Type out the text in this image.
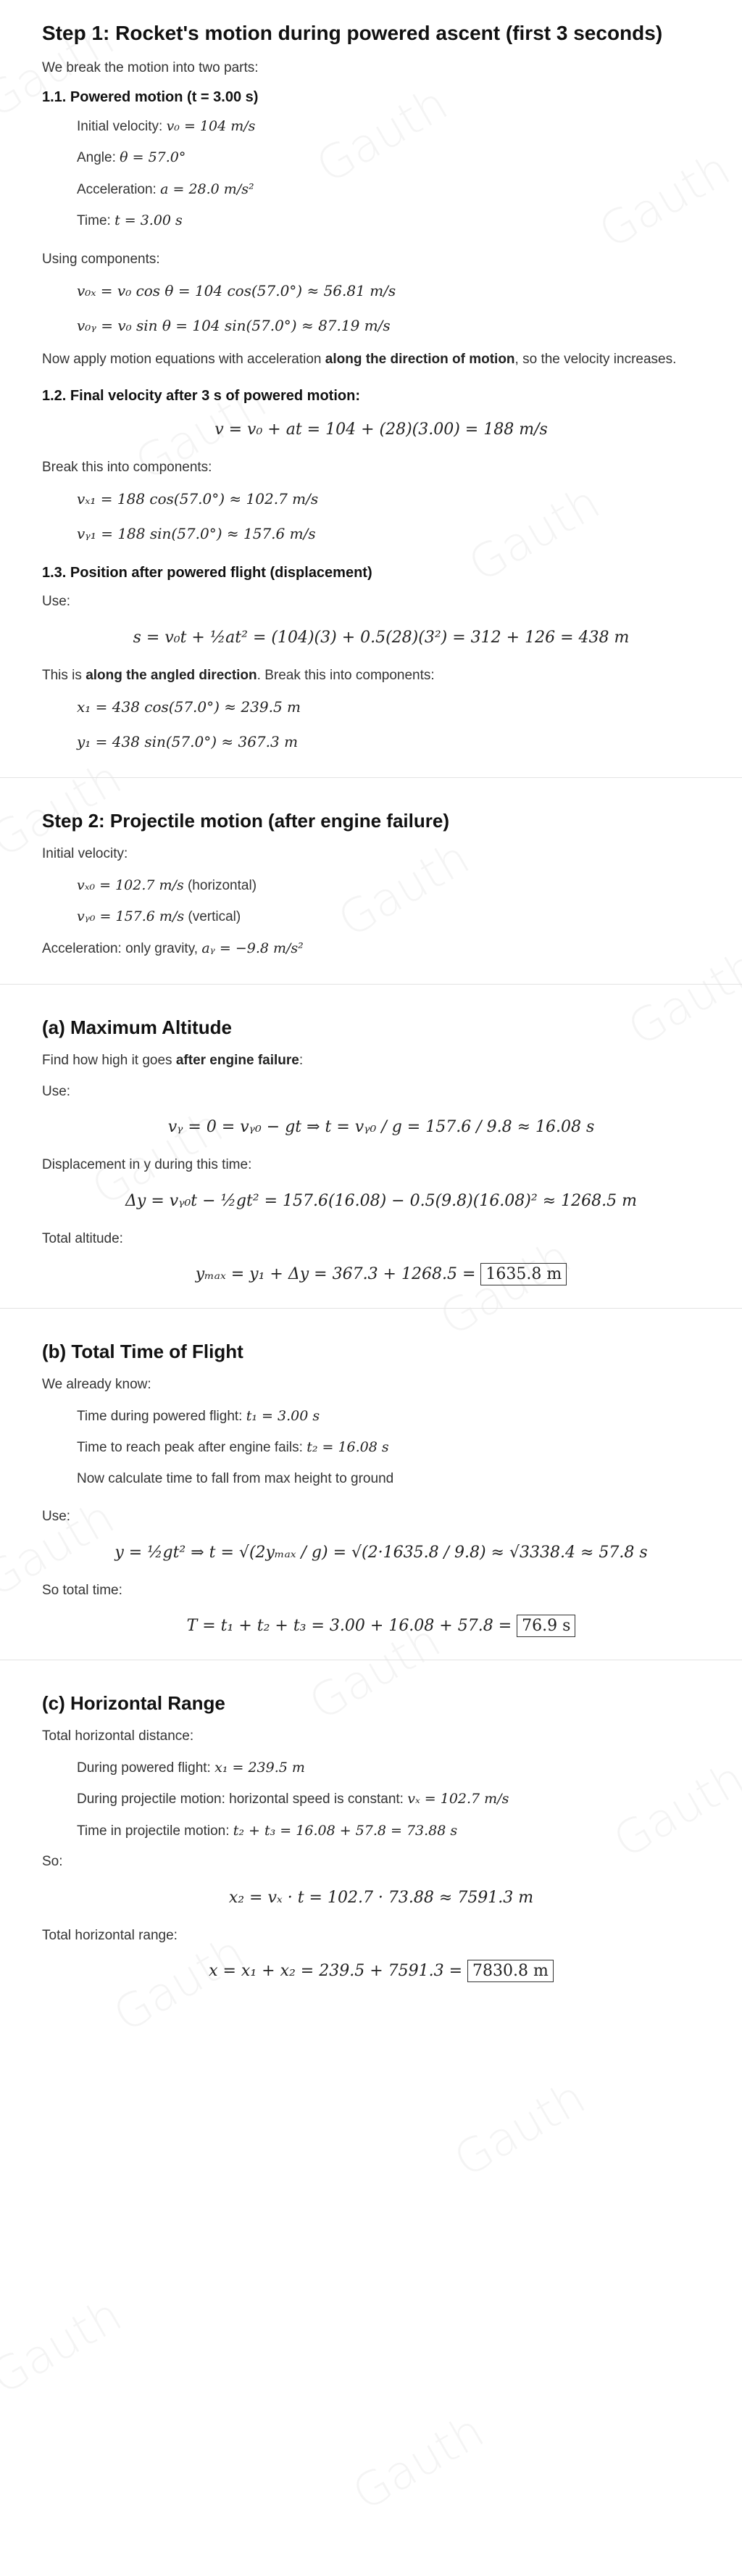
Step 1: Rocket's motion during powered ascent (first 3 seconds)

We break the motion into two parts:

1.1. Powered motion (t = 3.00 s)

Initial velocity: v₀ = 104 m/s

Angle: θ = 57.0°

Acceleration: a = 28.0 m/s²

Time: t = 3.00 s

Using components:

v₀ₓ = v₀ cos θ = 104 cos(57.0°) ≈ 56.81 m/s
v₀ᵧ = v₀ sin θ = 104 sin(57.0°) ≈ 87.19 m/s

Now apply motion equations with acceleration along the direction of motion, so the velocity increases.

1.2. Final velocity after 3 s of powered motion:
v = v₀ + at = 104 + (28)(3.00) = 188 m/s

Break this into components:

vₓ₁ = 188 cos(57.0°) ≈ 102.7 m/s
vᵧ₁ = 188 sin(57.0°) ≈ 157.6 m/s
1.3. Position after powered flight (displacement)

Use:

s = v₀t + ½at² = (104)(3) + 0.5(28)(3²) = 312 + 126 = 438 m

This is along the angled direction. Break this into components:

x₁ = 438 cos(57.0°) ≈ 239.5 m
y₁ = 438 sin(57.0°) ≈ 367.3 m
Step 2: Projectile motion (after engine failure)

Initial velocity:

vₓ₀ = 102.7 m/s (horizontal)

vᵧ₀ = 157.6 m/s (vertical)

Acceleration: only gravity, aᵧ = −9.8 m/s²

(a) Maximum Altitude

Find how high it goes after engine failure:

Use:

vᵧ = 0 = vᵧ₀ − gt ⇒ t = vᵧ₀ / g = 157.6 / 9.8 ≈ 16.08 s

Displacement in y during this time:

Δy = vᵧ₀t − ½gt² = 157.6(16.08) − 0.5(9.8)(16.08)² ≈ 1268.5 m

Total altitude:

yₘₐₓ = y₁ + Δy = 367.3 + 1268.5 = 1635.8 m
(b) Total Time of Flight

We already know:

Time during powered flight: t₁ = 3.00 s

Time to reach peak after engine fails: t₂ = 16.08 s

Now calculate time to fall from max height to ground

Use:

y = ½gt² ⇒ t = √(2yₘₐₓ / g) = √(2·1635.8 / 9.8) ≈ √3338.4 ≈ 57.8 s

So total time:

T = t₁ + t₂ + t₃ = 3.00 + 16.08 + 57.8 = 76.9 s
(c) Horizontal Range

Total horizontal distance:

During powered flight: x₁ = 239.5 m

During projectile motion: horizontal speed is constant: vₓ = 102.7 m/s

Time in projectile motion: t₂ + t₃ = 16.08 + 57.8 = 73.88 s

So:

x₂ = vₓ · t = 102.7 · 73.88 ≈ 7591.3 m

Total horizontal range:

x = x₁ + x₂ = 239.5 + 7591.3 = 7830.8 m
